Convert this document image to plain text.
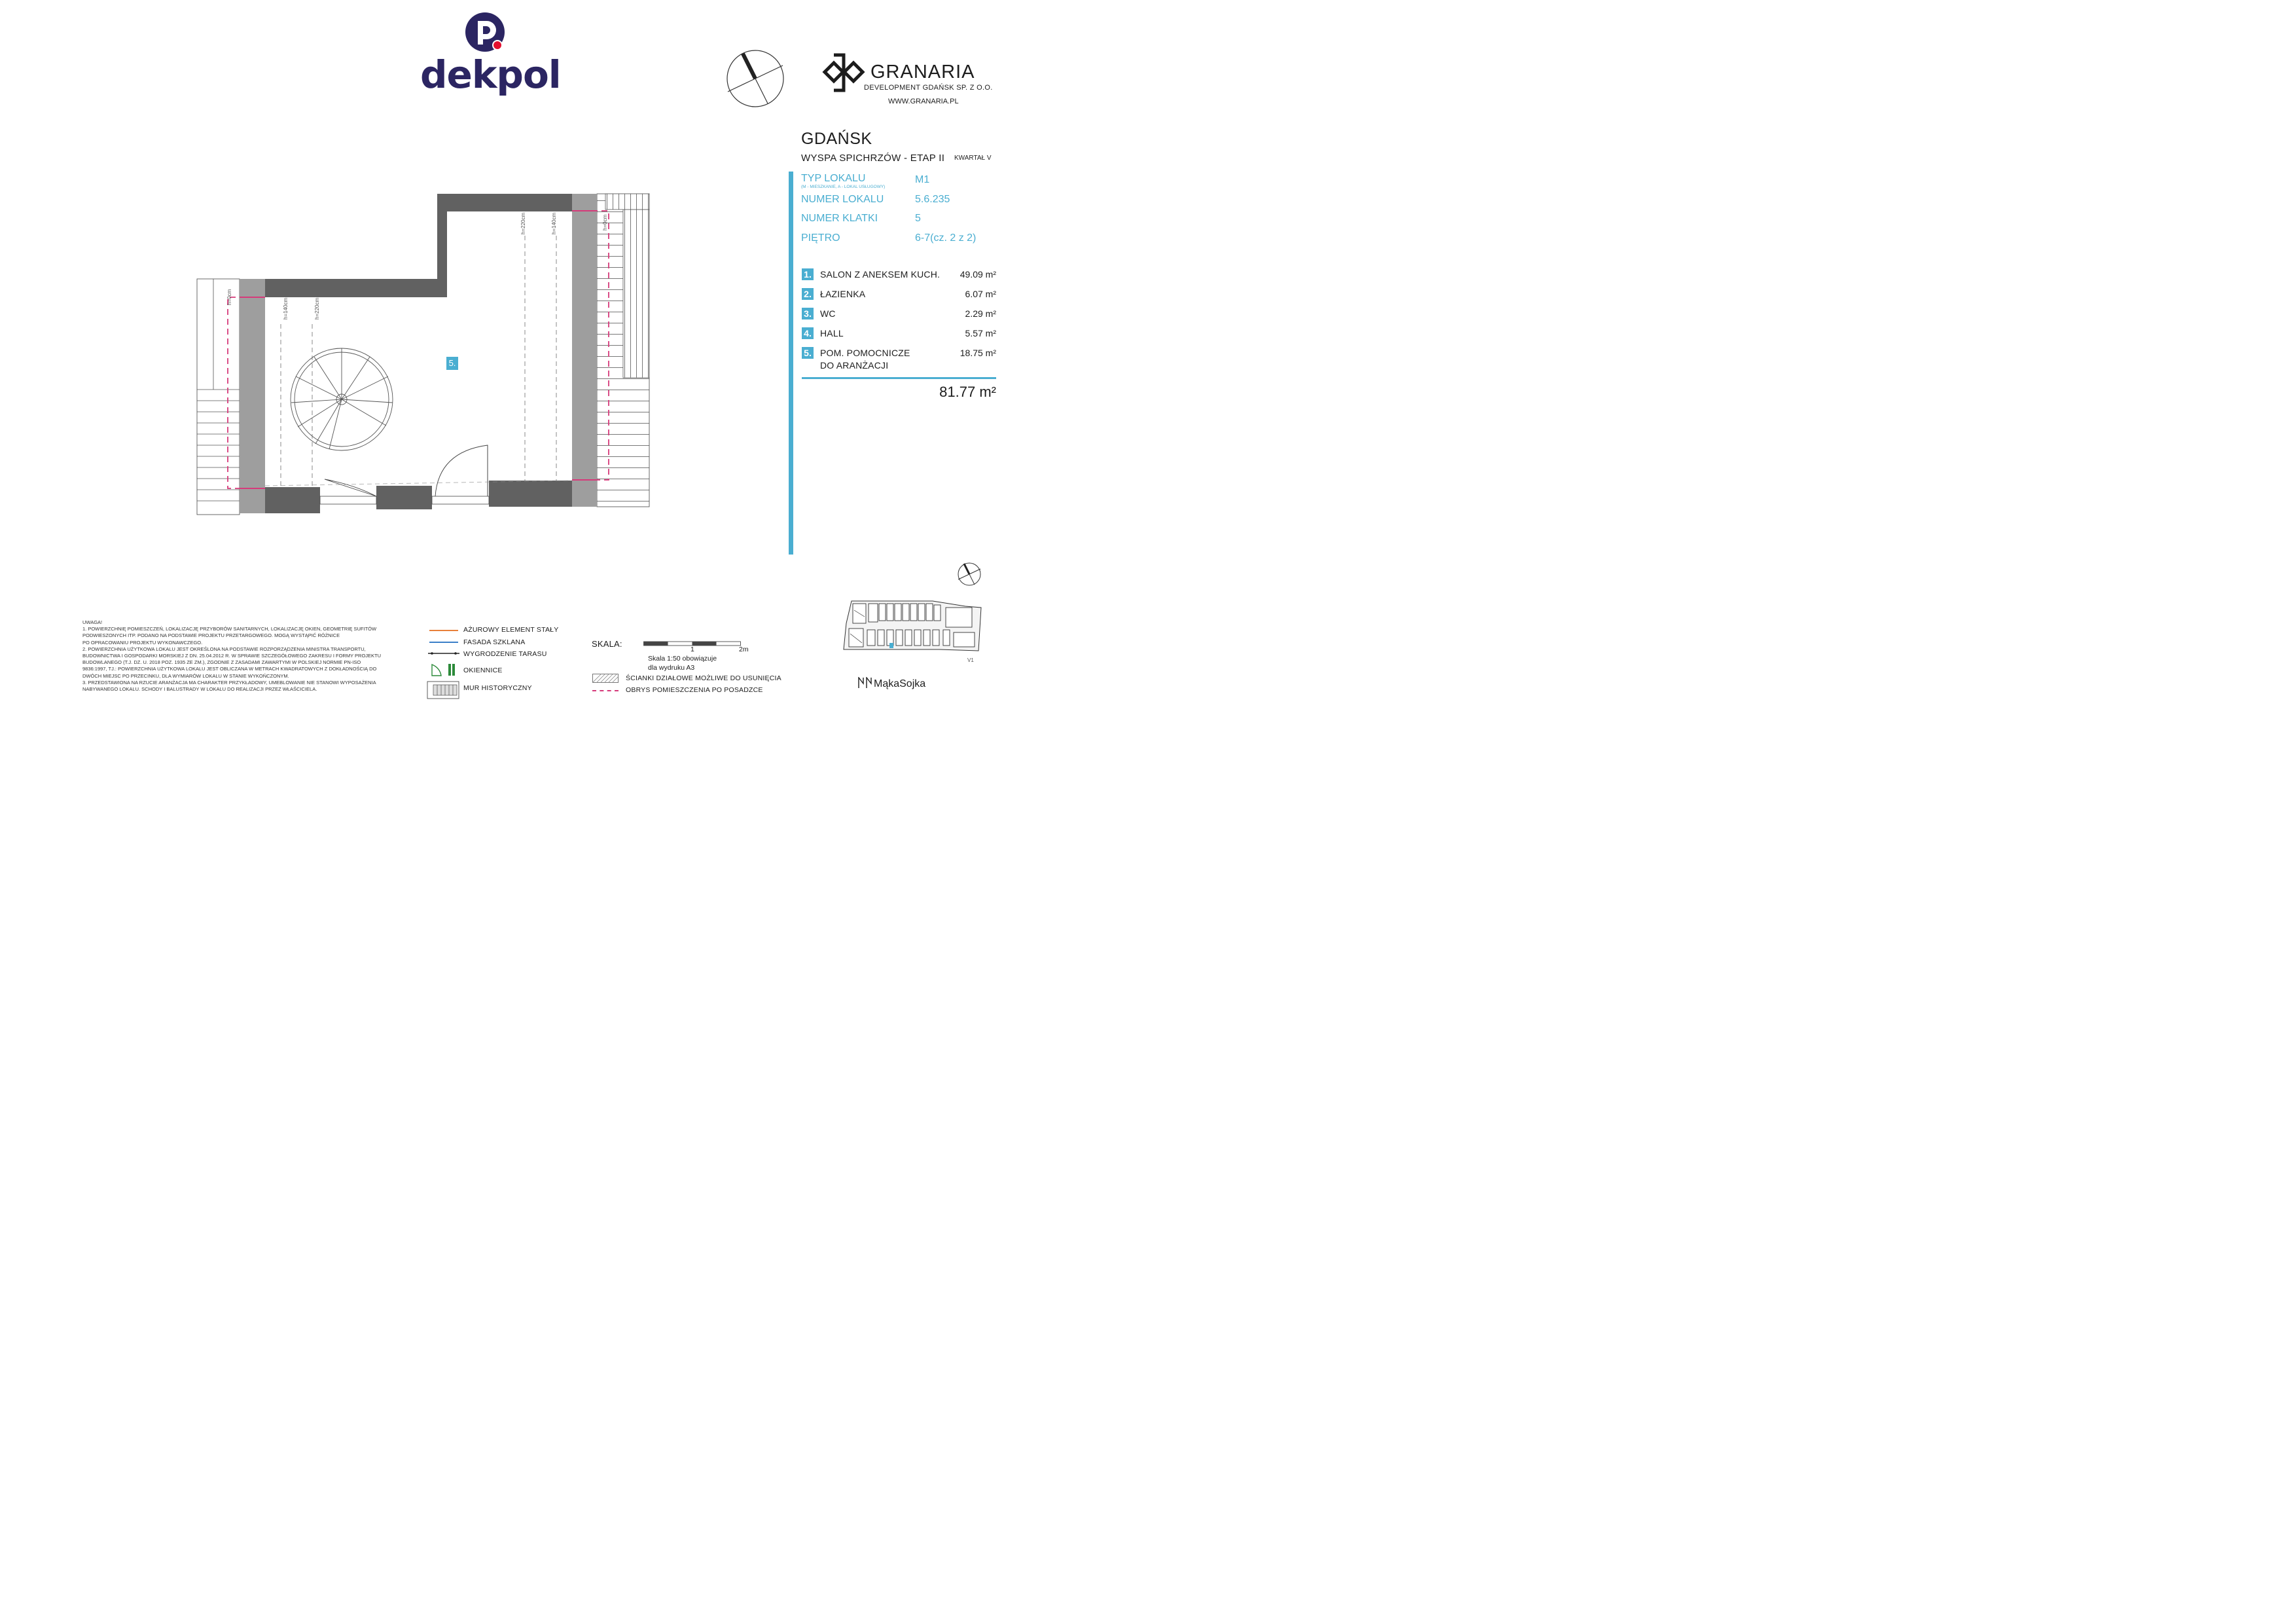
dekpol	GRANARIA
DEVELOPMENT GDAŃSK SP. Z O.O.
WWW.GRANARIA.PL
GDAŃSK
WYSPA SPICHRZÓW - ETAP II KWARTAŁ V
TYP LOKALU
(M - MIESZKANIE, A - LOKAL USŁUGOWY)
M1
NUMER LOKALU	5.6.235
NUMER KLATKI	5
PIĘTRO	6-7(cz. 2 z 2)
1. SALON Z ANEKSEM KUCH.	49.09 m²
2. ŁAZIENKA	6.07 m²
3. WC	2.29 m²
4. HALL	5.57 m²
5. POM. POMOCNICZE
DO ARANŻACJI
18.75 m²
81.77 m²
h=0cm
h=140cm	h=220cm
h=220cm	h=140cm	h=0cm
5.
UWAGA!
1. POWIERZCHNIĘ POMIESZCZEŃ, LOKALIZACJĘ PRZYBORÓW SANITARNYCH, LOKALIZACJĘ OKIEN, GEOMETRIĘ SUFITÓW
PODWIESZONYCH ITP. PODANO NA PODSTAWIE PROJEKTU PRZETARGOWEGO. MOGĄ WYSTĄPIĆ RÓŻNICE
PO OPRACOWANIU PROJEKTU WYKONAWCZEGO.
2. POWIERZCHNIA UŻYTKOWA LOKALU JEST OKREŚLONA NA PODSTAWIE ROZPORZĄDZENIA MINISTRA TRANSPORTU,
BUDOWNICTWA I GOSPODARKI MORSKIEJ Z DN. 25.04.2012 R. W SPRAWIE SZCZEGÓŁOWEGO ZAKRESU I FORMY PROJEKTU
BUDOWLANEGO (T.J. DZ. U. 2018 POZ. 1935 ZE ZM.), ZGODNIE Z ZASADAMI ZAWARTYMI W POLSKIEJ NORMIE PN-ISO
9836:1997, TJ.: POWIERZCHNIA UŻYTKOWA LOKALU JEST OBLICZANA W METRACH KWADRATOWYCH Z DOKŁADNOŚCIĄ DO
DWÓCH MIEJSC PO PRZECINKU, DLA WYMIARÓW LOKALU W STANIE WYKOŃCZONYM.
3. PRZEDSTAWIONA NA RZUCIE ARANŻACJA MA CHARAKTER PRZYKŁADOWY, UMEBLOWANIE NIE STANOWI WYPOSAŻENIA
NABYWANEGO LOKALU. SCHODY I BALUSTRADY W LOKALU DO REALIZACJI PRZEZ WŁAŚCICIELA.
AŻUROWY ELEMENT STAŁY
FASADA SZKLANA
WYGRODZENIE TARASU
OKIENNICE
MUR HISTORYCZNY
ŚCIANKI DZIAŁOWE MOŻLIWE DO USUNIĘCIA
OBRYS POMIESZCZENIA PO POSADZCE
SKALA:
1	2m
Skala 1:50 obowiązuje
dla wydruku A3
V1
MąkaSojka
